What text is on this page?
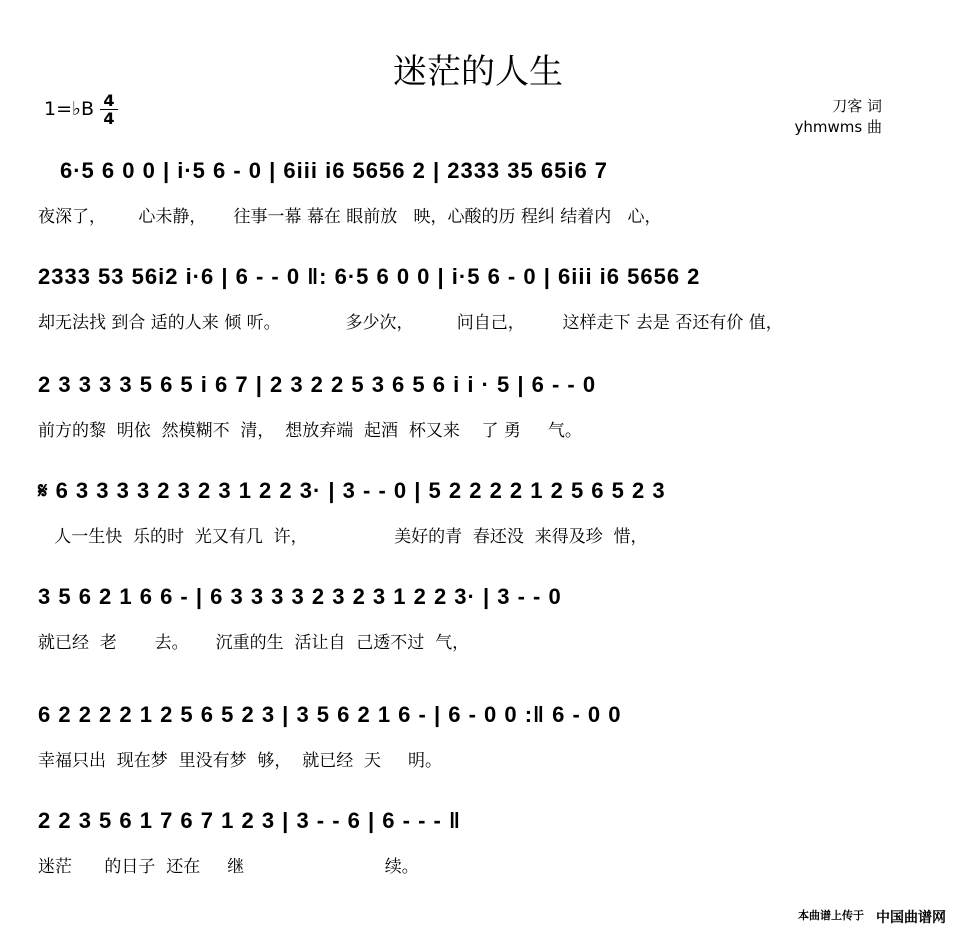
迷茫的人生
1=♭B 4
4
刀客 词
yhmwms 曲
6·5 6 0 0 | i·5 6 - 0 | 6iii i6 5656 2 | 2333 35 65i6 7
夜深了，      心未静，     往事一幕 幕在 眼前放   映，心酸的历 程纠 结着内   心，
2333 53 56i2 i·6 | 6 - - 0 ‖: 6·5 6 0 0 | i·5 6 - 0 | 6iii i6 5656 2
却无法找 到合 适的人来 倾 听。            多少次，        问自己，       这样走下 去是 否还有价 值，
2 3 3 3 3 5 6 5 i 6 7 | 2 3 2 2 5 3 6 5 6 i i · 5 | 6 - - 0
前方的黎  明依  然模糊不  清，  想放弃端  起酒  杯又来    了 勇     气。
𝄋 6 3 3 3 3 2 3 2 3 1 2 2 3· | 3 - - 0 | 5 2 2 2 2 1 2 5 6 5 2 3
人一生快  乐的时  光又有几  许，                美好的青  春还没  来得及珍  惜，
3 5 6 2 1 6 6 - | 6 3 3 3 3 2 3 2 3 1 2 2 3· | 3 - - 0
就已经  老       去。     沉重的生  活让自  己透不过  气，
6 2 2 2 2 1 2 5 6 5 2 3 | 3 5 6 2 1 6 - | 6 - 0 0 :‖ 6 - 0 0
幸福只出  现在梦  里没有梦  够，  就已经  天     明。
2 2 3 5 6 1 7 6 7 1 2 3 | 3 - - 6 | 6 - - - ‖
迷茫      的日子  还在     继                          续。
本曲谱上传于 中国曲谱网
